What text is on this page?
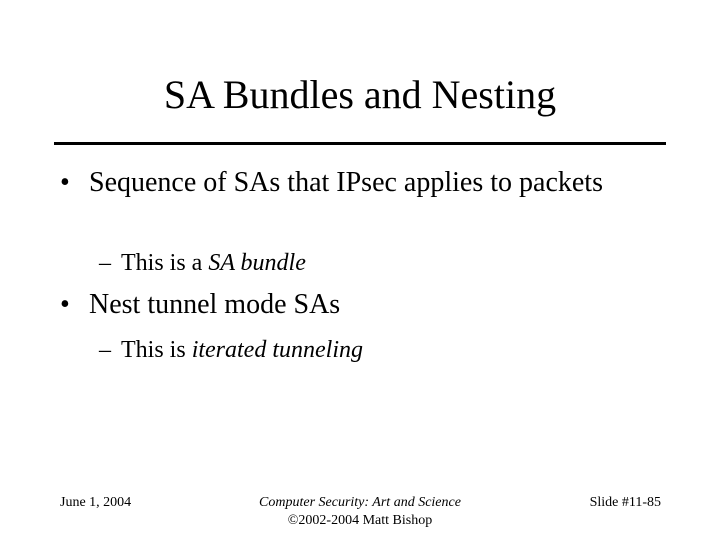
SA Bundles and Nesting
• Sequence of SAs that IPsec applies to packets
– This is a SA bundle
• Nest tunnel mode SAs
– This is iterated tunneling
June 1, 2004	Computer Security: Art and Science
©2002-2004 Matt Bishop
Slide #11-85
